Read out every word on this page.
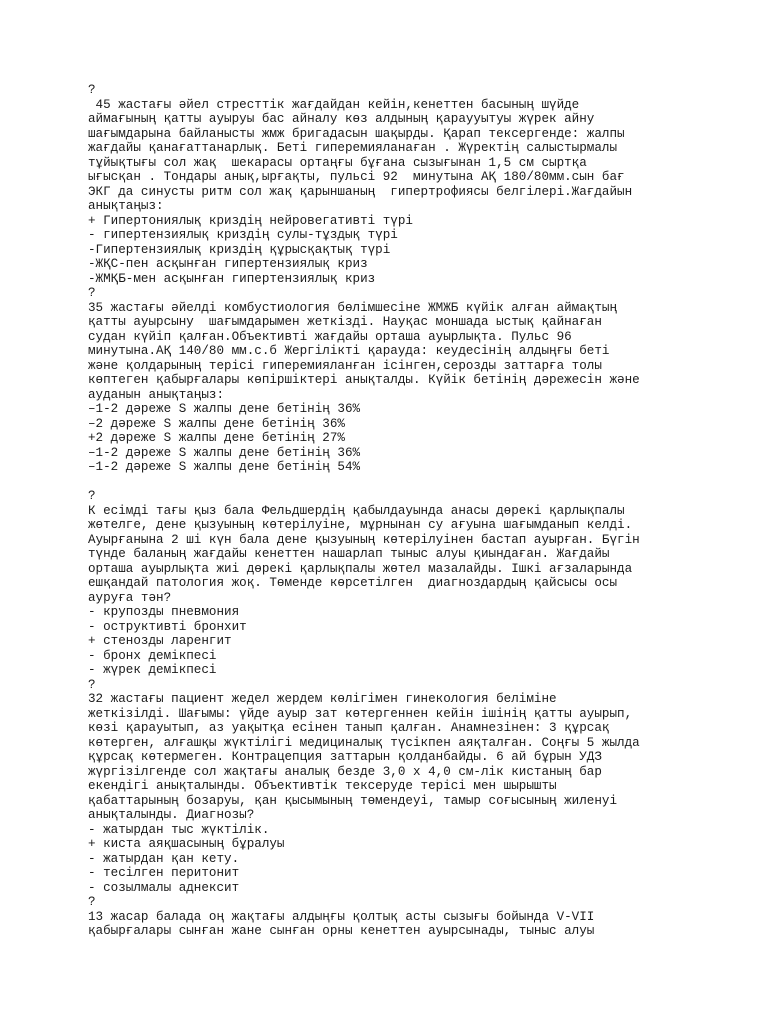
?
45 жастағы әйел стресттік жағдайдан кейін,кенеттен басының шүйде
аймағының қатты ауыруы бас айналу көз алдының қараууытуы жүрек айну
шағымдарына байланысты жмж бригадасын шақырды. Қарап тексергенде: жалпы
жағдайы қанағаттанарлық. Беті гиперемияланаған . Жүректің салыстырмалы
тұйықтығы сол жақ  шекарасы ортаңғы бұғана сызығынан 1,5 см сыртқа
ығысқан . Тондары анық,ырғақты, пульсі 92  минутына АҚ 180/80мм.сын бағ
ЭКГ да синусты ритм сол жақ қарыншаның  гипертрофиясы белгілері.Жағдайын
анықтаңыз:
+ Гипертониялық криздің нейровегативті түрі
- гипертензиялық криздің сулы-тұздық түрі
-Гипертензиялық криздің құрысқақтық түрі
-ЖҚС-пен асқынған гипертензиялық криз
-ЖМҚБ-мен асқынған гипертензиялық криз
?
35 жастағы әйелді комбустиология бөлімшесіне ЖМЖБ күйік алған аймақтың
қатты ауырсыну  шағымдарымен жеткізді. Науқас моншада ыстық қайнаған
судан күйіп қалған.Объективті жағдайы орташа ауырлықта. Пульс 96
минутына.АҚ 140/80 мм.с.б Жергілікті қарауда: кеудесінің алдыңғы беті
және қолдарының терісі гиперемияланған ісінген,серозды заттарға толы
көптеген қабырғалары көпіршіктері анықталды. Күйік бетінің дәрежесін және
ауданын анықтаңыз:
–1-2 дәреже S жалпы дене бетінің 36%
–2 дәреже S жалпы дене бетінің 36%
+2 дәреже S жалпы дене бетінің 27%
–1-2 дәреже S жалпы дене бетінің 36%
–1-2 дәреже S жалпы дене бетінің 54%
?
К есімді тағы қыз бала Фельдшердің қабылдауында анасы дөрекі қарлықпалы
жөтелге, дене қызуының көтерілуіне, мұрнынан су ағуына шағымданып келді.
Ауырғанына 2 ші күн бала дене қызуының көтерілуінен бастап ауырған. Бүгін
түнде баланың жағдайы кенеттен нашарлап тыныс алуы қиындаған. Жағдайы
орташа ауырлықта жиі дөрекі қарлықпалы жөтел мазалайды. Ішкі ағзаларында
ешқандай патология жоқ. Төменде көрсетілген  диагноздардың қайсысы осы
ауруға тән?
- крупозды пневмония
- оструктивті бронхит
+ стенозды ларенгит
- бронх демікпесі
- жүрек демікпесі
?
32 жастағы пациент жедел жердем көлігімен гинекология беліміне
жеткізілді. Шағымы: үйде ауыр зат көтергеннен кейін ішінің қатты ауырып,
көзі қарауытып, аз уақытқа есінен танып қалған. Анамнезінен: 3 құрсақ
көтерген, алғашқы жүктілігі медициналық түсікпен аяқталған. Соңғы 5 жылда
құрсақ көтермеген. Контрацепция заттарын қолданбайды. 6 ай бұрын УДЗ
жүргізілгенде сол жақтағы аналық безде 3,0 х 4,0 см-лік кистаның бар
екендігі анықталынды. Объективтік тексеруде терісі мен шырышты
қабаттарының бозаруы, қан қысымының төмендеуі, тамыр соғысының жиленуі
анықталынды. Диагнозы?
- жатырдан тыс жүктілік.
+ киста аяқшасының бұралуы
- жатырдан қан кету.
- тесілген перитонит
- созылмалы аднексит
?
13 жасар балада оң жақтағы алдыңғы қолтық асты сызығы бойында V-VII
қабырғалары сынған жане сынған орны кенеттен ауырсынады, тыныс алуы
